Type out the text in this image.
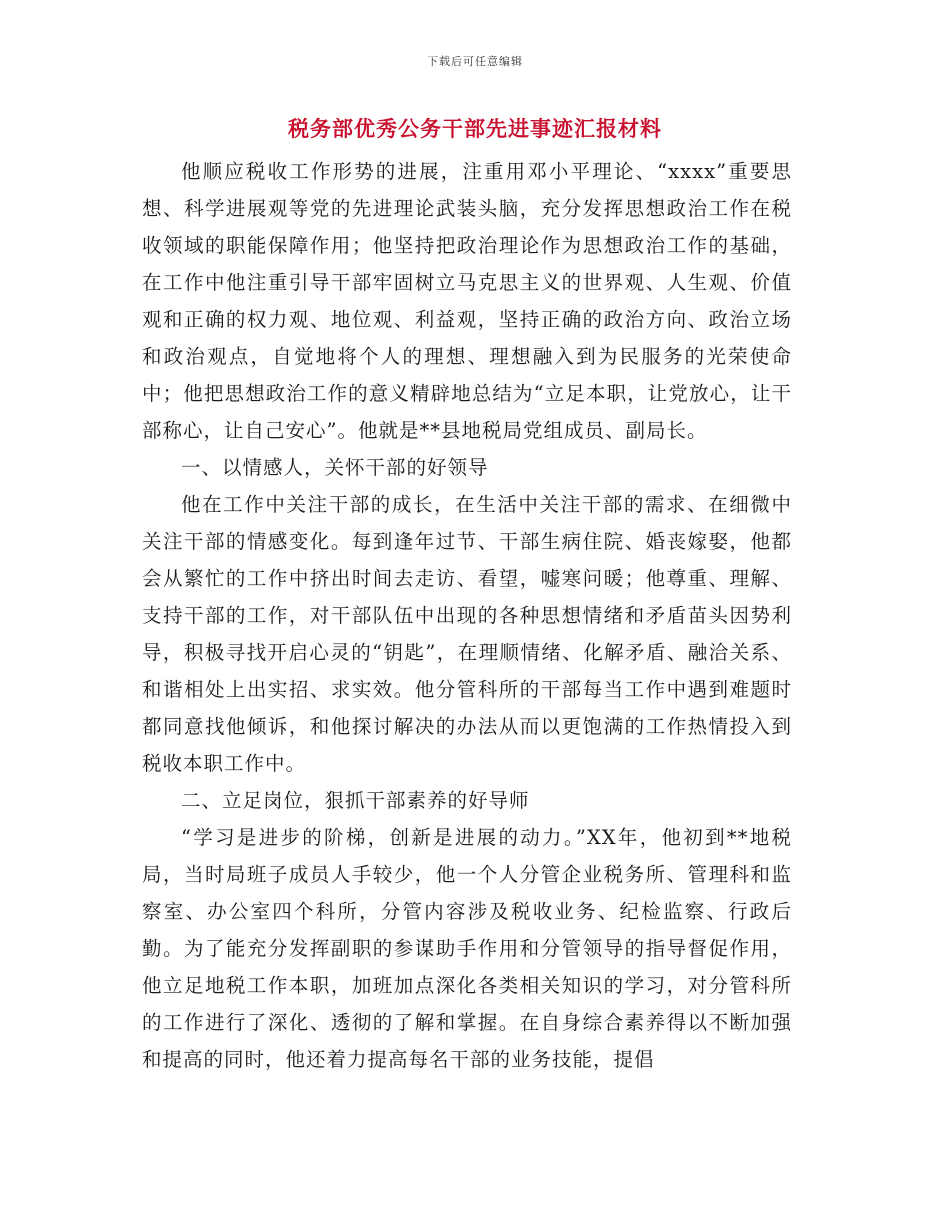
下载后可任意编辑
税务部优秀公务干部先进事迹汇报材料

他顺应税收工作形势的进展，注重用邓小平理论、“xxxx”重要思想、科学进展观等党的先进理论武装头脑，充分发挥思想政治工作在税收领域的职能保障作用；他坚持把政治理论作为思想政治工作的基础，在工作中他注重引导干部牢固树立马克思主义的世界观、人生观、价值观和正确的权力观、地位观、利益观，坚持正确的政治方向、政治立场和政治观点，自觉地将个人的理想、理想融入到为民服务的光荣使命中；他把思想政治工作的意义精辟地总结为“立足本职，让党放心，让干部称心，让自己安心”。他就是**县地税局党组成员、副局长。

一、以情感人，关怀干部的好领导

他在工作中关注干部的成长，在生活中关注干部的需求、在细微中关注干部的情感变化。每到逢年过节、干部生病住院、婚丧嫁娶，他都会从繁忙的工作中挤出时间去走访、看望，嘘寒问暖；他尊重、理解、支持干部的工作，对干部队伍中出现的各种思想情绪和矛盾苗头因势利导，积极寻找开启心灵的“钥匙”，在理顺情绪、化解矛盾、融洽关系、和谐相处上出实招、求实效。他分管科所的干部每当工作中遇到难题时都同意找他倾诉，和他探讨解决的办法从而以更饱满的工作热情投入到税收本职工作中。

二、立足岗位，狠抓干部素养的好导师

“学习是进步的阶梯，创新是进展的动力。”XX年，他初到**地税局，当时局班子成员人手较少，他一个人分管企业税务所、管理科和监察室、办公室四个科所，分管内容涉及税收业务、纪检监察、行政后勤。为了能充分发挥副职的参谋助手作用和分管领导的指导督促作用，他立足地税工作本职，加班加点深化各类相关知识的学习，对分管科所的工作进行了深化、透彻的了解和掌握。在自身综合素养得以不断加强和提高的同时，他还着力提高每名干部的业务技能，提倡
